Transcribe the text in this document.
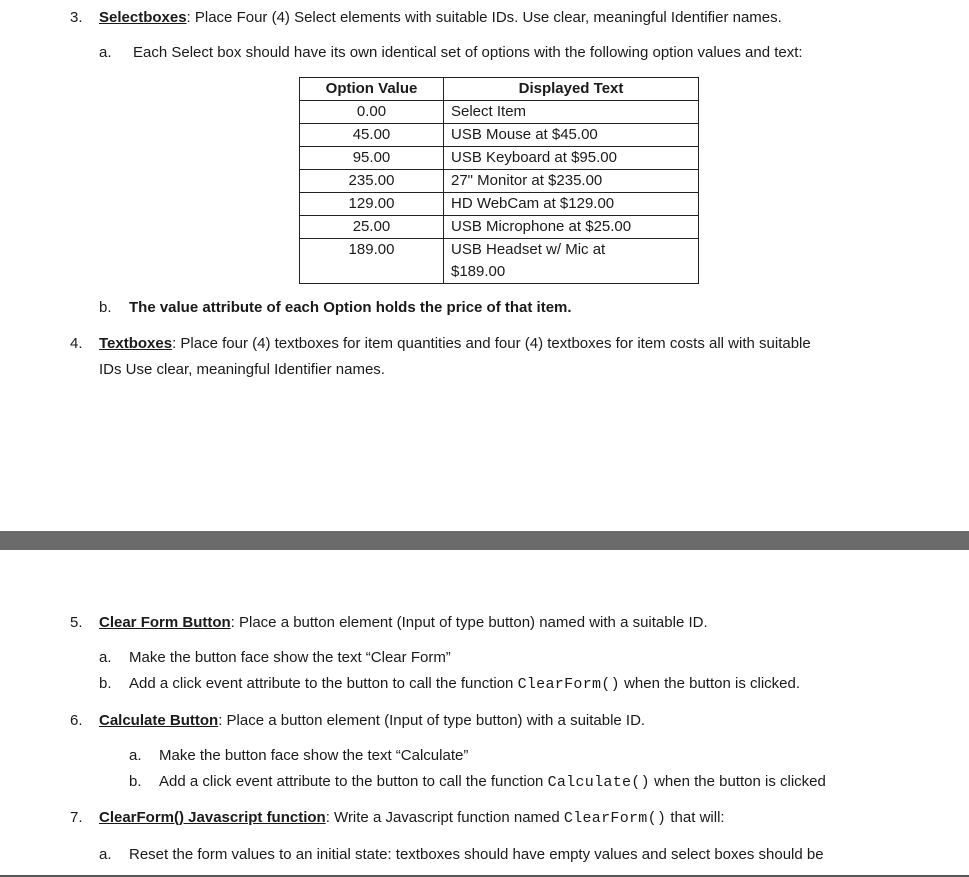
3. Selectboxes: Place Four (4) Select elements with suitable IDs. Use clear, meaningful Identifier names.
a. Each Select box should have its own identical set of options with the following option values and text:
Option Value	Displayed Text
0.00	Select Item
45.00	USB Mouse at $45.00
95.00	USB Keyboard at $95.00
235.00	27" Monitor at $235.00
129.00	HD WebCam at $129.00
25.00	USB Microphone at $25.00
189.00	USB Headset w/ Mic at
$189.00
b. The value attribute of each Option holds the price of that item.
4. Textboxes: Place four (4) textboxes for item quantities and four (4) textboxes for item costs all with suitable
IDs Use clear, meaningful Identifier names.
5. Clear Form Button: Place a button element (Input of type button) named with a suitable ID.
a. Make the button face show the text “Clear Form”
b. Add a click event attribute to the button to call the function ClearForm() when the button is clicked.
6. Calculate Button: Place a button element (Input of type button) with a suitable ID.
a. Make the button face show the text “Calculate”
b. Add a click event attribute to the button to call the function Calculate() when the button is clicked
7. ClearForm() Javascript function: Write a Javascript function named ClearForm() that will:
a. Reset the form values to an initial state: textboxes should have empty values and select boxes should be
